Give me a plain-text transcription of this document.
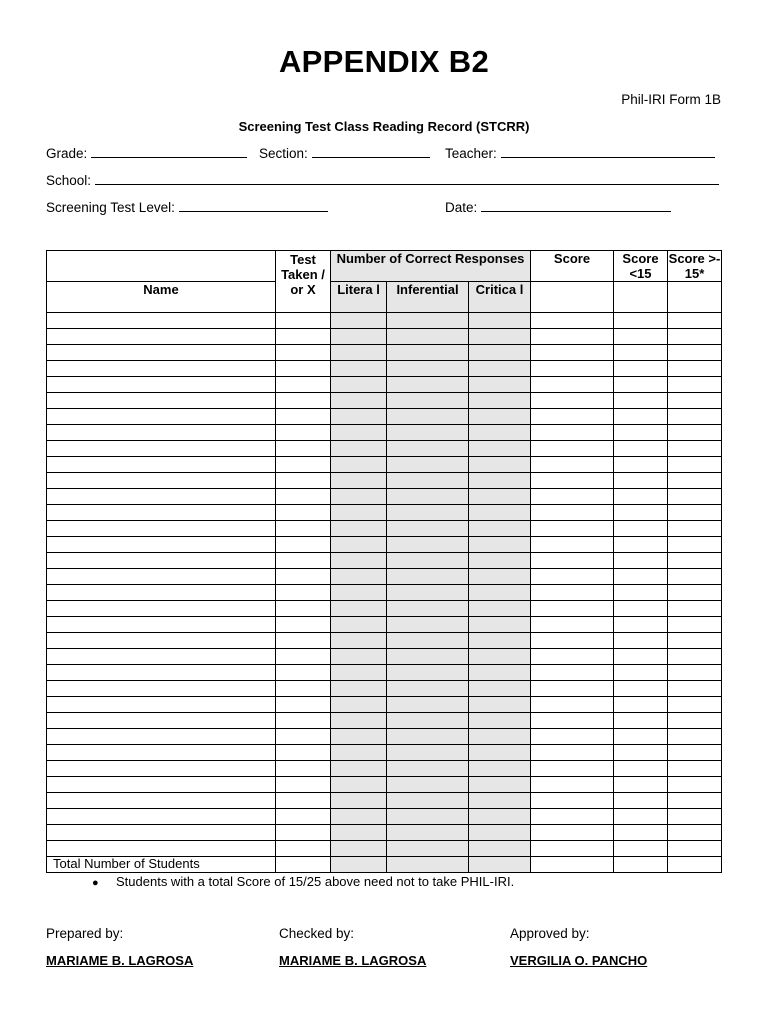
APPENDIX B2
Phil-IRI Form 1B
Screening Test Class Reading Record (STCRR)
Grade:	Section:	Teacher:
School:
Screening Test Level:	Date:
	Test Taken / or X	Number of Correct Responses			Score	Score <15	Score >- 15*
Name		Litera l	Inferential	Critica l			

Total Number of Students							
● Students with a total Score of 15/25 above need not to take PHIL-IRI.
Prepared by:	Checked by:	Approved by:
MARIAME B. LAGROSA	MARIAME B. LAGROSA	VERGILIA O. PANCHO
